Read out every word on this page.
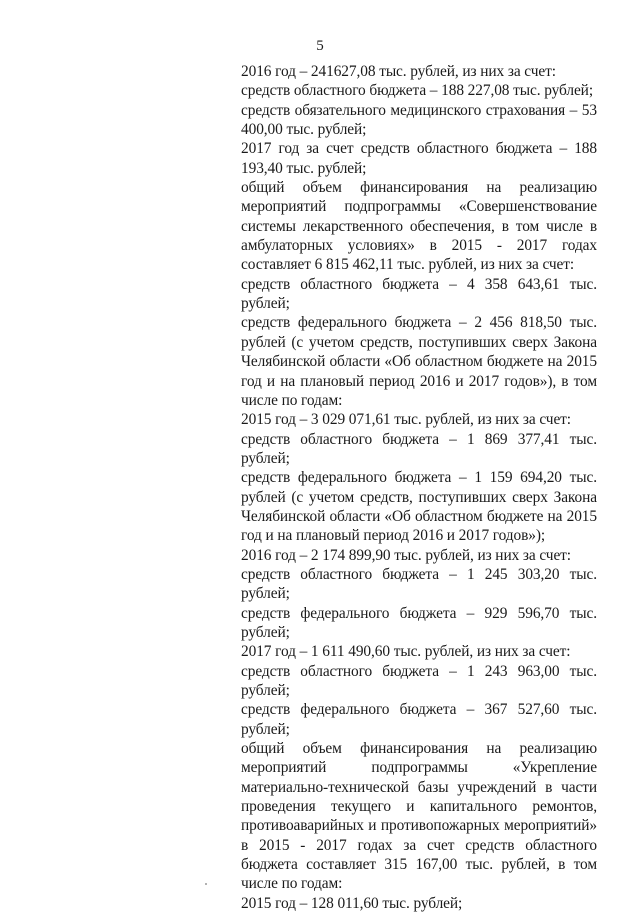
5

2016 год – 241627,08 тыс. рублей, из них за счет:

средств областного бюджета – 188 227,08 тыс. рублей;

средств обязательного медицинского страхования – 53 400,00 тыс. рублей;

2017 год за счет средств областного бюджета – 188 193,40 тыс. рублей;

общий объем финансирования на реализацию мероприятий подпрограммы «Совершенствование системы лекарственного обеспечения, в том числе в амбулаторных условиях» в 2015 - 2017 годах составляет 6 815 462,11 тыс. рублей, из них за счет:

средств областного бюджета – 4 358 643,61 тыс. рублей;

средств федерального бюджета – 2 456 818,50 тыс. рублей (с учетом средств, поступивших сверх Закона Челябинской области «Об областном бюджете на 2015 год и на плановый период 2016 и 2017 годов»), в том числе по годам:

2015 год – 3 029 071,61 тыс. рублей, из них за счет:

средств областного бюджета – 1 869 377,41 тыс. рублей;

средств федерального бюджета – 1 159 694,20 тыс. рублей (с учетом средств, поступивших сверх Закона Челябинской области «Об областном бюджете на 2015 год и на плановый период 2016 и 2017 годов»);

2016 год – 2 174 899,90 тыс. рублей, из них за счет:

средств областного бюджета – 1 245 303,20 тыс. рублей;

средств федерального бюджета – 929 596,70 тыс. рублей;

2017 год – 1 611 490,60 тыс. рублей, из них за счет:

средств областного бюджета – 1 243 963,00 тыс. рублей;

средств федерального бюджета – 367 527,60 тыс. рублей;

общий объем финансирования на реализацию мероприятий подпрограммы «Укрепление материально-технической базы учреждений в части проведения текущего и капитального ремонтов, противоаварийных и противопожарных мероприятий» в 2015 - 2017 годах за счет средств областного бюджета составляет 315 167,00 тыс. рублей, в том числе по годам:

2015 год – 128 011,60 тыс. рублей;
